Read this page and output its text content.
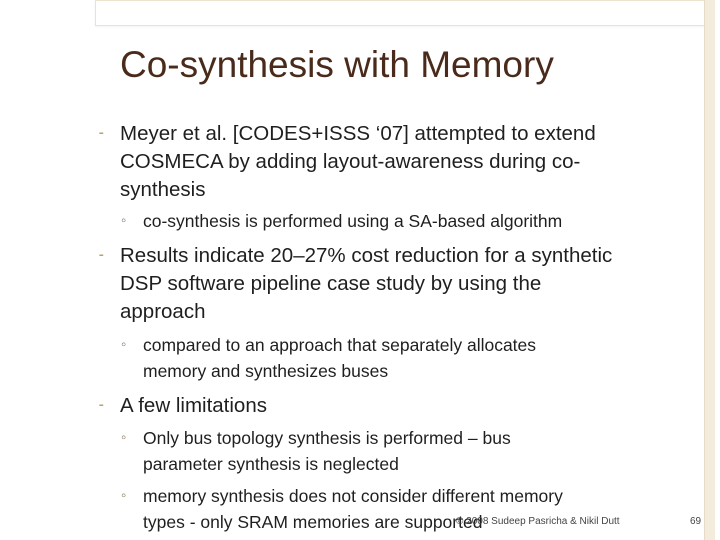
Co-synthesis with Memory
⁃ Meyer et al. [CODES+ISSS ‘07] attempted to extend
COSMECA by adding layout-awareness during co-
synthesis
◦ co-synthesis is performed using a SA-based algorithm
⁃ Results indicate 20–27% cost reduction for a synthetic
DSP software pipeline case study by using the
approach
◦ compared to an approach that separately allocates
memory and synthesizes buses
⁃ A few limitations
◦ Only bus topology synthesis is performed – bus
parameter synthesis is neglected
◦ memory synthesis does not consider different memory
types - only SRAM memories are supported
© 2008 Sudeep Pasricha & Nikil Dutt	69
